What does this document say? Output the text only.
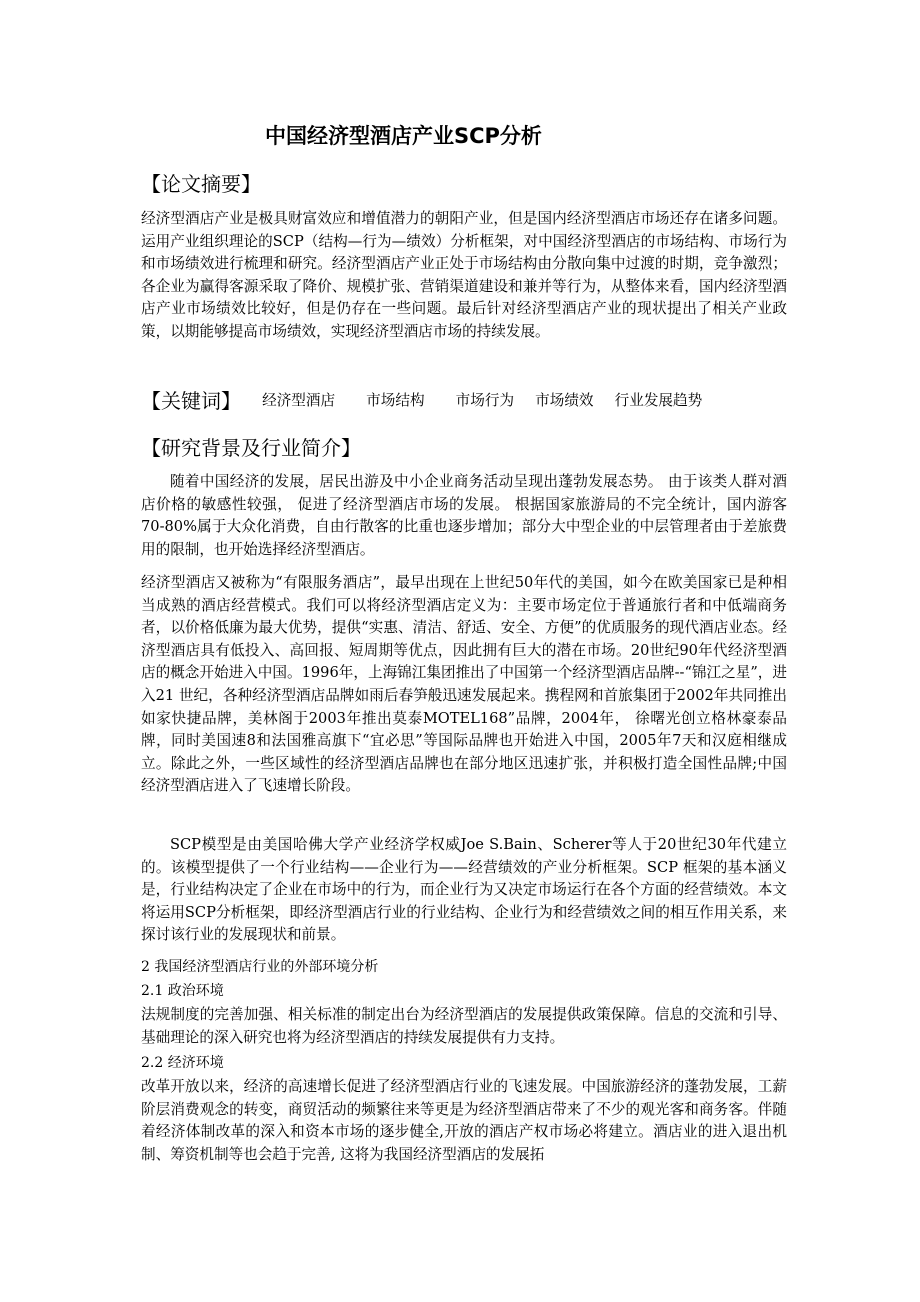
中国经济型酒店产业SCP分析
【论文摘要】

经济型酒店产业是极具财富效应和增值潜力的朝阳产业，但是国内经济型酒店市场还存在诸多问题。运用产业组织理论的SCP（结构—行为—绩效）分析框架，对中国经济型酒店的市场结构、市场行为和市场绩效进行梳理和研究。经济型酒店产业正处于市场结构由分散向集中过渡的时期，竞争激烈；各企业为赢得客源采取了降价、规模扩张、营销渠道建设和兼并等行为，从整体来看，国内经济型酒店产业市场绩效比较好，但是仍存在一些问题。最后针对经济型酒店产业的现状提出了相关产业政策，以期能够提高市场绩效，实现经济型酒店市场的持续发展。

【关键词】 经济型酒店 市场结构 市场行为 市场绩效 行业发展趋势
【研究背景及行业简介】

随着中国经济的发展，居民出游及中小企业商务活动呈现出蓬勃发展态势。 由于该类人群对酒店价格的敏感性较强， 促进了经济型酒店市场的发展。 根据国家旅游局的不完全统计，国内游客 70-80%属于大众化消费，自由行散客的比重也逐步增加；部分大中型企业的中层管理者由于差旅费用的限制，也开始选择经济型酒店。

经济型酒店又被称为“有限服务酒店”，最早出现在上世纪50年代的美国，如今在欧美国家已是种相当成熟的酒店经营模式。我们可以将经济型酒店定义为：主要市场定位于普通旅行者和中低端商务者，以价格低廉为最大优势，提供“实惠、清洁、舒适、安全、方便”的优质服务的现代酒店业态。经济型酒店具有低投入、高回报、短周期等优点，因此拥有巨大的潜在市场。20世纪90年代经济型酒店的概念开始进入中国。1996年，上海锦江集团推出了中国第一个经济型酒店品牌--“锦江之星”，进入21 世纪，各种经济型酒店品牌如雨后春笋般迅速发展起来。携程网和首旅集团于2002年共同推出如家快捷品牌，美林阁于2003年推出莫泰MOTEL168”品牌，2004年， 徐曙光创立格林豪泰品牌，同时美国速8和法国雅高旗下“宜必思”等国际品牌也开始进入中国，2005年7天和汉庭相继成立。除此之外，一些区域性的经济型酒店品牌也在部分地区迅速扩张，并积极打造全国性品牌;中国经济型酒店进入了飞速增长阶段。

SCP模型是由美国哈佛大学产业经济学权威Joe S.Bain、Scherer等人于20世纪30年代建立的。该模型提供了一个行业结构——企业行为——经营绩效的产业分析框架。SCP 框架的基本涵义是，行业结构决定了企业在市场中的行为，而企业行为又决定市场运行在各个方面的经营绩效。本文将运用SCP分析框架，即经济型酒店行业的行业结构、企业行为和经营绩效之间的相互作用关系，来探讨该行业的发展现状和前景。

2 我国经济型酒店行业的外部环境分析
2.1 政治环境

法规制度的完善加强、相关标准的制定出台为经济型酒店的发展提供政策保障。信息的交流和引导、基础理论的深入研究也将为经济型酒店的持续发展提供有力支持。

2.2 经济环境

改革开放以来，经济的高速增长促进了经济型酒店行业的飞速发展。中国旅游经济的蓬勃发展，工薪阶层消费观念的转变，商贸活动的频繁往来等更是为经济型酒店带来了不少的观光客和商务客。伴随着经济体制改革的深入和资本市场的逐步健全,开放的酒店产权市场必将建立。酒店业的进入退出机制、筹资机制等也会趋于完善, 这将为我国经济型酒店的发展拓
